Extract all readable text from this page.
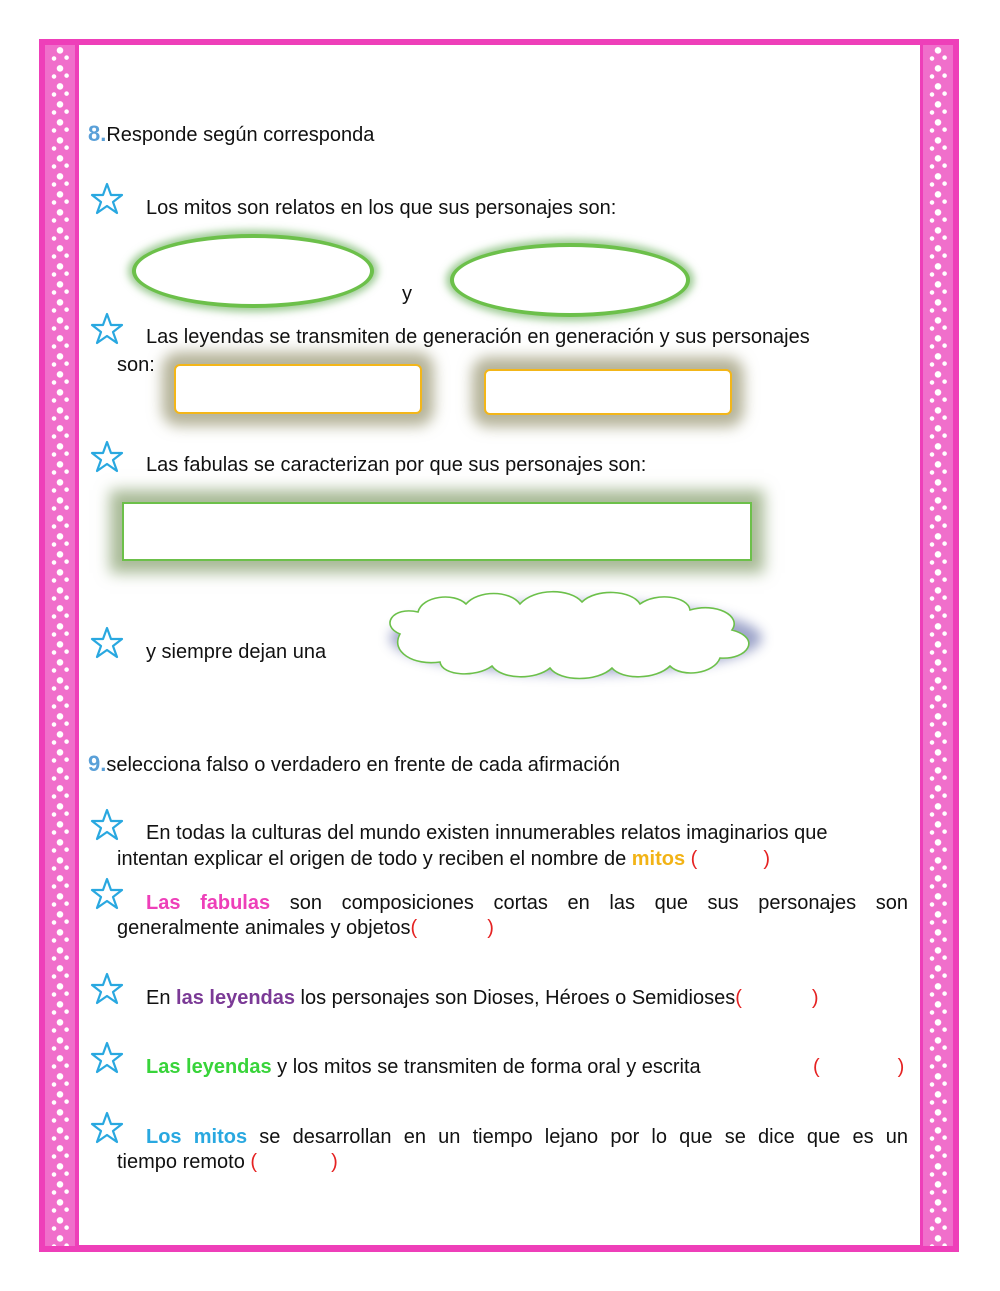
8.Responde según corresponda
Los mitos son relatos en los que sus personajes son:
y
Las leyendas se transmiten de generación en generación y sus personajes
son:
Las fabulas se caracterizan por que sus personajes son:
y siempre dejan una
9.selecciona falso o verdadero en frente de cada afirmación
En todas la culturas del mundo existen innumerables relatos imaginarios que
intentan explicar el origen de todo y reciben el nombre de mitos (	)
Las fabulas son composiciones cortas en las que sus personajes son
generalmente animales y objetos(	)
En las leyendas los personajes son Dioses, Héroes o Semidioses(	)
Las leyendas y los mitos se transmiten de forma oral y escrita	(	)
Los mitos se desarrollan en un tiempo lejano por lo que se dice que es un
tiempo remoto (	)
